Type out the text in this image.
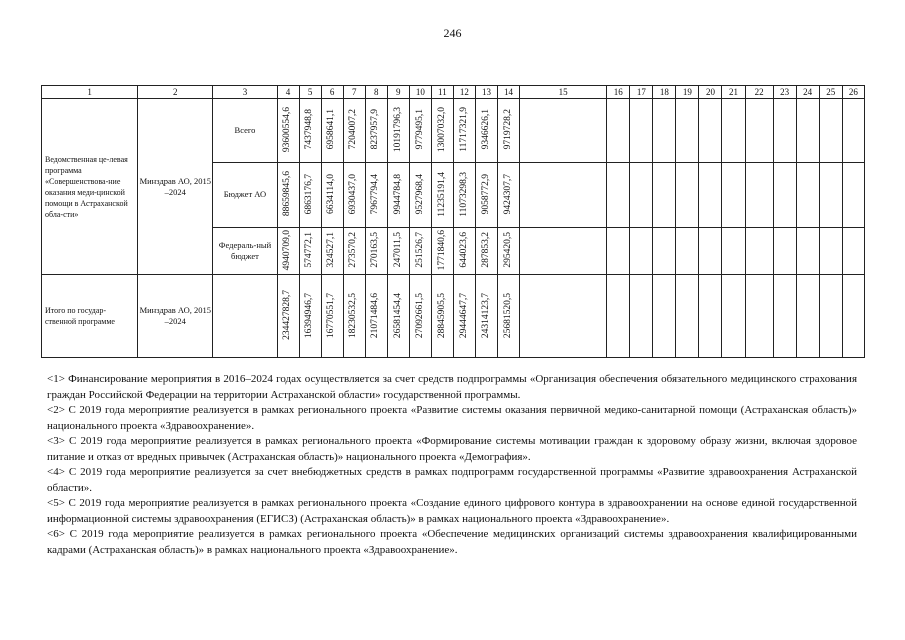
246
1	2	3	4	5	6	7	8	9	10	11	12	13	14	15	16	17	18	19	20	21	22	23	24	25	26
Ведомственная це-левая программа «Совершенствова-ние оказания меди-цинской помощи в Астраханской обла-сти»	Минздрав АО, 2015 –2024	Всего	93600554,6	7437948,8	6958641,1	7204007,2	8237957,9	10191796,3	9779495,1	13007032,0	11717321,9	9346626,1	9719728,2												
		Бюджет АО	88659845,6	6863176,7	6634114,0	6930437,0	7967794,4	9944784,8	9527968,4	11235191,4	11073298,3	9058772,9	9424307,7												
		Федераль-ный бюджет	4940709,0	574772,1	324527,1	273570,2	270163,5	247011,5	251526,7	1771840,6	644023,6	287853,2	295420,5												
Итого по государ-ственной программе	Минздрав АО, 2015 –2024		234427828,7	16394946,7	16770551,7	18230532,5	21071484,6	26581454,4	27092661,5	28845905,5	29444647,7	24314123,7	25681520,5												

<1> Финансирование мероприятия в 2016–2024 годах осуществляется за счет средств подпрограммы «Организация обеспечения обязательного медицинского страхования граждан Российской Федерации на территории Астраханской области» государственной программы.

<2> С 2019 года мероприятие реализуется в рамках регионального проекта «Развитие системы оказания первичной медико-санитарной помощи (Астраханская область)» национального проекта «Здравоохранение».

<3> С 2019 года мероприятие реализуется в рамках регионального проекта «Формирование системы мотивации граждан к здоровому образу жизни, включая здоровое питание и отказ от вредных привычек (Астраханская область)» национального проекта «Демография».

<4> С 2019 года мероприятие реализуется за счет внебюджетных средств в рамках подпрограмм государственной программы «Развитие здравоохранения Астраханской области».

<5> С 2019 года мероприятие реализуется в рамках регионального проекта «Создание единого цифрового контура в здравоохранении на основе единой государственной информационной системы здравоохранения (ЕГИСЗ) (Астраханская область)» в рамках национального проекта «Здравоохранение».

<6> С 2019 года мероприятие реализуется в рамках регионального проекта «Обеспечение медицинских организаций системы здравоохранения квалифицированными кадрами (Астраханская область)» в рамках национального проекта «Здравоохранение».
